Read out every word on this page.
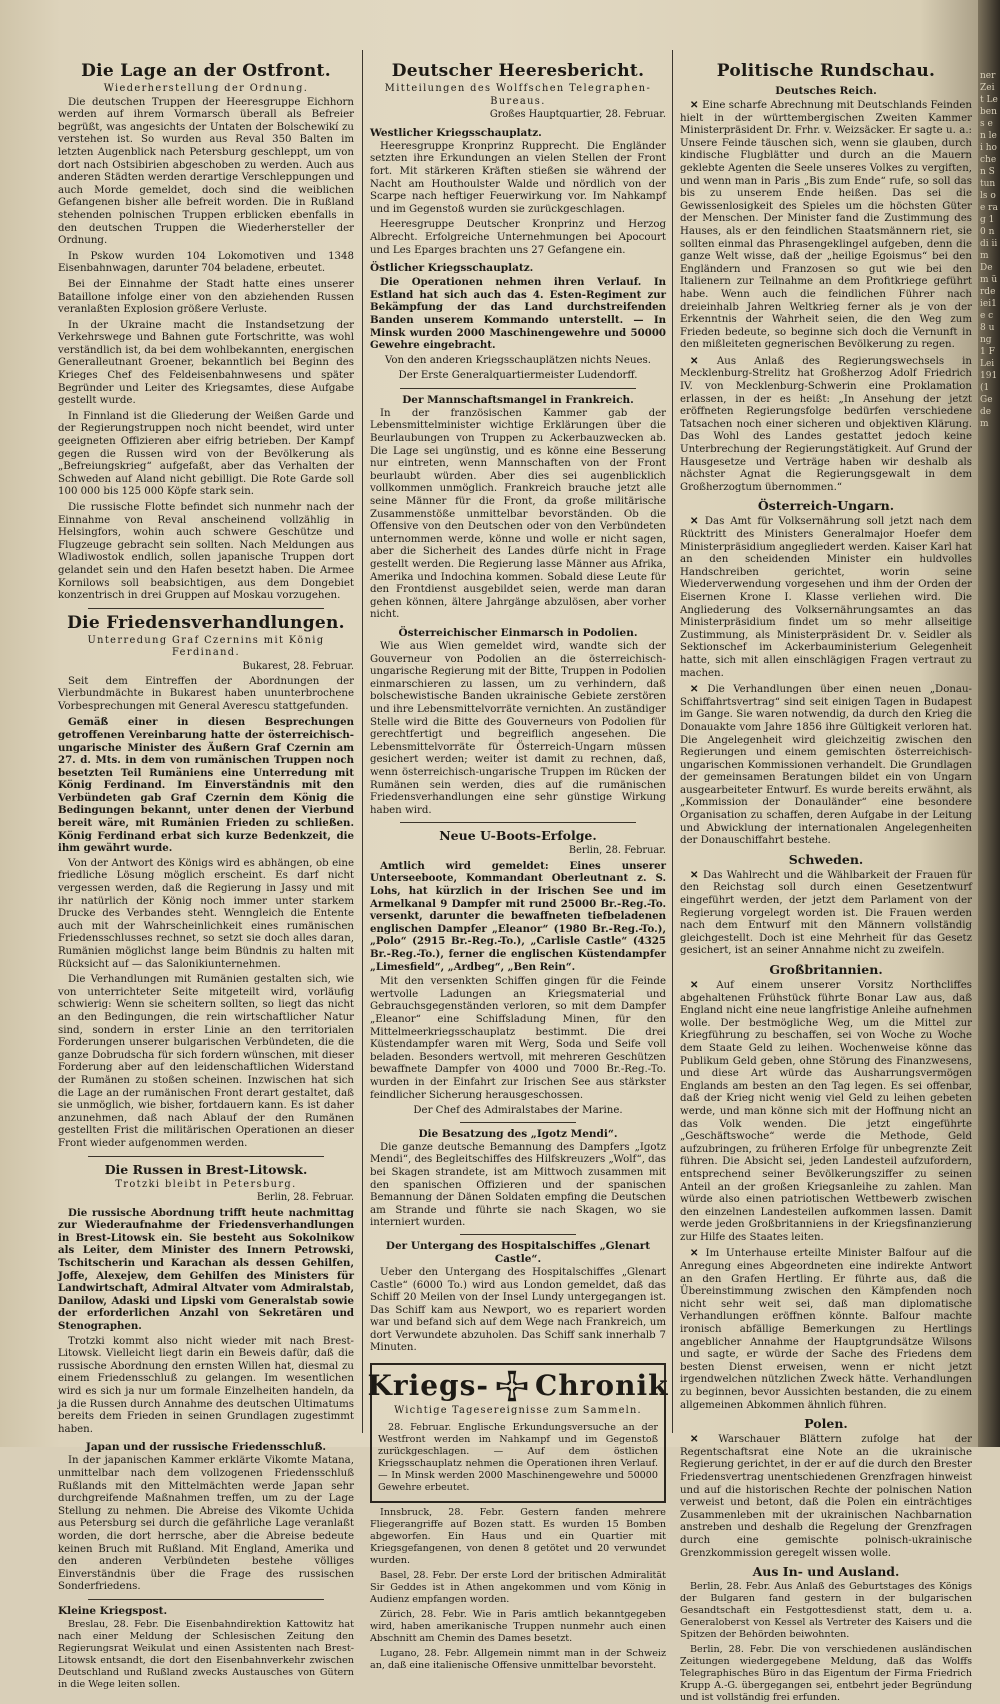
Die Lage an der Ostfront.
Wiederherstellung der Ordnung.

Die deutschen Truppen der Heeresgruppe Eichhorn werden auf ihrem Vormarsch überall als Befreier begrüßt, was angesichts der Untaten der Bolschewikí zu verstehen ist. So wurden aus Reval 350 Balten im letzten Augenblick nach Petersburg geschleppt, um von dort nach Ostsibirien abgeschoben zu werden. Auch aus anderen Städten werden derartige Verschleppungen und auch Morde gemeldet, doch sind die weiblichen Gefangenen bisher alle befreit worden. Die in Rußland stehenden polnischen Truppen erblicken ebenfalls in den deutschen Truppen die Wiederhersteller der Ordnung.

In Pskow wurden 104 Lokomotiven und 1348 Eisenbahnwagen, darunter 704 beladene, erbeutet.

Bei der Einnahme der Stadt hatte eines unserer Bataillone infolge einer von den abziehenden Russen veranlaßten Explosion größere Verluste.

In der Ukraine macht die Instandsetzung der Verkehrswege und Bahnen gute Fortschritte, was wohl verständlich ist, da bei dem wohlbekannten, energischen Generalleutnant Groener, bekanntlich bei Beginn des Krieges Chef des Feldeisenbahnwesens und später Begründer und Leiter des Kriegsamtes, diese Aufgabe gestellt wurde.

In Finnland ist die Gliederung der Weißen Garde und der Regierungstruppen noch nicht beendet, wird unter geeigneten Offizieren aber eifrig betrieben. Der Kampf gegen die Russen wird von der Bevölkerung als „Befreiungskrieg“ aufgefaßt, aber das Verhalten der Schweden auf Aland nicht gebilligt. Die Rote Garde soll 100 000 bis 125 000 Köpfe stark sein.

Die russische Flotte befindet sich nunmehr nach der Einnahme von Reval anscheinend vollzählig in Helsingfors, wohin auch schwere Geschütze und Flugzeuge gebracht sein sollten. Nach Meldungen aus Wladiwostok endlich, sollen japanische Truppen dort gelandet sein und den Hafen besetzt haben. Die Armee Kornilows soll beabsichtigen, aus dem Dongebiet konzentrisch in drei Gruppen auf Moskau vorzugehen.

Die Friedensverhandlungen.
Unterredung Graf Czernins mit König Ferdinand.
Bukarest, 28. Februar.

Seit dem Eintreffen der Abordnungen der Vierbundmächte in Bukarest haben ununterbrochene Vorbesprechungen mit General Averescu stattgefunden.

Gemäß einer in diesen Besprechungen getroffenen Vereinbarung hatte der österreichisch-ungarische Minister des Äußern Graf Czernin am 27. d. Mts. in dem von rumänischen Truppen noch besetzten Teil Rumäniens eine Unterredung mit König Ferdinand. Im Einverständnis mit den Verbündeten gab Graf Czernin dem König die Bedingungen bekannt, unter denen der Vierbund bereit wäre, mit Rumänien Frieden zu schließen. König Ferdinand erbat sich kurze Bedenkzeit, die ihm gewährt wurde.

Von der Antwort des Königs wird es abhängen, ob eine friedliche Lösung möglich erscheint. Es darf nicht vergessen werden, daß die Regierung in Jassy und mit ihr natürlich der König noch immer unter starkem Drucke des Verbandes steht. Wenngleich die Entente auch mit der Wahrscheinlichkeit eines rumänischen Friedensschlusses rechnet, so setzt sie doch alles daran, Rumänien möglichst lange beim Bündnis zu halten mit Rücksicht auf — das Salonikiunternehmen.

Die Verhandlungen mit Rumänien gestalten sich, wie von unterrichteter Seite mitgeteilt wird, vorläufig schwierig: Wenn sie scheitern sollten, so liegt das nicht an den Bedingungen, die rein wirtschaftlicher Natur sind, sondern in erster Linie an den territorialen Forderungen unserer bulgarischen Verbündeten, die die ganze Dobrudscha für sich fordern wünschen, mit dieser Forderung aber auf den leidenschaftlichen Widerstand der Rumänen zu stoßen scheinen. Inzwischen hat sich die Lage an der rumänischen Front derart gestaltet, daß sie unmöglich, wie bisher, fortdauern kann. Es ist daher anzunehmen, daß nach Ablauf der den Rumänen gestellten Frist die militärischen Operationen an dieser Front wieder aufgenommen werden.

Die Russen in Brest-Litowsk.
Trotzki bleibt in Petersburg.
Berlin, 28. Februar.

Die russische Abordnung trifft heute nachmittag zur Wiederaufnahme der Friedensverhandlungen in Brest-Litowsk ein. Sie besteht aus Sokolnikow als Leiter, dem Minister des Innern Petrowski, Tschitscherin und Karachan als dessen Gehilfen, Joffe, Alexejew, dem Gehilfen des Ministers für Landwirtschaft, Admiral Altvater vom Admiralstab, Danilow, Adaski und Lipski vom Generalstab sowie der erforderlichen Anzahl von Sekretären und Stenographen.

Trotzki kommt also nicht wieder mit nach Brest-Litowsk. Vielleicht liegt darin ein Beweis dafür, daß die russische Abordnung den ernsten Willen hat, diesmal zu einem Friedensschluß zu gelangen. Im wesentlichen wird es sich ja nur um formale Einzelheiten handeln, da ja die Russen durch Annahme des deutschen Ultimatums bereits dem Frieden in seinen Grundlagen zugestimmt haben.

Japan und der russische Friedensschluß.

In der japanischen Kammer erklärte Vikomte Matana, unmittelbar nach dem vollzogenen Friedensschluß Rußlands mit den Mittelmächten werde Japan sehr durchgreifende Maßnahmen treffen, um zu der Lage Stellung zu nehmen. Die Abreise des Vikomte Uchida aus Petersburg sei durch die gefährliche Lage veranlaßt worden, die dort herrsche, aber die Abreise bedeute keinen Bruch mit Rußland. Mit England, Amerika und den anderen Verbündeten bestehe völliges Einverständnis über die Frage des russischen Sonderfriedens.

Kleine Kriegspost.

Breslau, 28. Febr. Die Eisenbahndirektion Kattowitz hat nach einer Meldung der Schlesischen Zeitung den Regierungsrat Weikulat und einen Assistenten nach Brest-Litowsk entsandt, die dort den Eisenbahnverkehr zwischen Deutschland und Rußland zwecks Austausches von Gütern in die Wege leiten sollen.

Deutscher Heeresbericht.
Mitteilungen des Wolffschen Telegraphen-Bureaus.
Großes Hauptquartier, 28. Februar.
Westlicher Kriegsschauplatz.

Heeresgruppe Kronprinz Rupprecht. Die Engländer setzten ihre Erkundungen an vielen Stellen der Front fort. Mit stärkeren Kräften stießen sie während der Nacht am Houthoulster Walde und nördlich von der Scarpe nach heftiger Feuerwirkung vor. Im Nahkampf und im Gegenstoß wurden sie zurückgeschlagen.

Heeresgruppe Deutscher Kronprinz und Herzog Albrecht. Erfolgreiche Unternehmungen bei Apocourt und Les Eparges brachten uns 27 Gefangene ein.

Östlicher Kriegsschauplatz.

Die Operationen nehmen ihren Verlauf. In Estland hat sich auch das 4. Esten-Regiment zur Bekämpfung der das Land durchstreifenden Banden unserem Kommando unterstellt. — In Minsk wurden 2000 Maschinengewehre und 50000 Gewehre eingebracht.

Von den anderen Kriegsschauplätzen nichts Neues.

Der Erste Generalquartiermeister Ludendorff.

Der Mannschaftsmangel in Frankreich.

In der französischen Kammer gab der Lebensmittelminister wichtige Erklärungen über die Beurlaubungen von Truppen zu Ackerbauzwecken ab. Die Lage sei ungünstig, und es könne eine Besserung nur eintreten, wenn Mannschaften von der Front beurlaubt würden. Aber dies sei augenblicklich vollkommen unmöglich. Frankreich brauche jetzt alle seine Männer für die Front, da große militärische Zusammenstöße unmittelbar bevorständen. Ob die Offensive von den Deutschen oder von den Verbündeten unternommen werde, könne und wolle er nicht sagen, aber die Sicherheit des Landes dürfe nicht in Frage gestellt werden. Die Regierung lasse Männer aus Afrika, Amerika und Indochina kommen. Sobald diese Leute für den Frontdienst ausgebildet seien, werde man daran gehen können, ältere Jahrgänge abzulösen, aber vorher nicht.

Österreichischer Einmarsch in Podolien.

Wie aus Wien gemeldet wird, wandte sich der Gouverneur von Podolien an die österreichisch-ungarische Regierung mit der Bitte, Truppen in Podolien einmarschieren zu lassen, um zu verhindern, daß bolschewistische Banden ukrainische Gebiete zerstören und ihre Lebensmittelvorräte vernichten. An zuständiger Stelle wird die Bitte des Gouverneurs von Podolien für gerechtfertigt und begreiflich angesehen. Die Lebensmittelvorräte für Österreich-Ungarn müssen gesichert werden; weiter ist damit zu rechnen, daß, wenn österreichisch-ungarische Truppen im Rücken der Rumänen sein werden, dies auf die rumänischen Friedensverhandlungen eine sehr günstige Wirkung haben wird.

Neue U-Boots-Erfolge.
Berlin, 28. Februar.

Amtlich wird gemeldet: Eines unserer Unterseeboote, Kommandant Oberleutnant z. S. Lohs, hat kürzlich in der Irischen See und im Armelkanal 9 Dampfer mit rund 25000 Br.-Reg.-To. versenkt, darunter die bewaffneten tiefbeladenen englischen Dampfer „Eleanor“ (1980 Br.-Reg.-To.), „Polo“ (2915 Br.-Reg.-To.), „Carlisle Castle“ (4325 Br.-Reg.-To.), ferner die englischen Küstendampfer „Limesfield“, „Ardbeg“, „Ben Rein“.

Mit den versenkten Schiffen gingen für die Feinde wertvolle Ladungen an Kriegsmaterial und Gebrauchsgegenständen verloren, so mit dem Dampfer „Eleanor“ eine Schiffsladung Minen, für den Mittelmeerkriegsschauplatz bestimmt. Die drei Küstendampfer waren mit Werg, Soda und Seife voll beladen. Besonders wertvoll, mit mehreren Geschützen bewaffnete Dampfer von 4000 und 7000 Br.-Reg.-To. wurden in der Einfahrt zur Irischen See aus stärkster feindlicher Sicherung herausgeschossen.

Der Chef des Admiralstabes der Marine.

Die Besatzung des „Igotz Mendi“.

Die ganze deutsche Bemannung des Dampfers „Igotz Mendi“, des Begleitschiffes des Hilfskreuzers „Wolf“, das bei Skagen strandete, ist am Mittwoch zusammen mit den spanischen Offizieren und der spanischen Bemannung der Dänen Soldaten empfing die Deutschen am Strande und führte sie nach Skagen, wo sie interniert wurden.

Der Untergang des Hospitalschiffes „Glenart Castle“.

Ueber den Untergang des Hospitalschiffes „Glenart Castle“ (6000 To.) wird aus London gemeldet, daß das Schiff 20 Meilen von der Insel Lundy untergegangen ist. Das Schiff kam aus Newport, wo es repariert worden war und befand sich auf dem Wege nach Frankreich, um dort Verwundete abzuholen. Das Schiff sank innerhalb 7 Minuten.

Kriegs- Chronik
Wichtige Tagesereignisse zum Sammeln.

28. Februar. Englische Erkundungsversuche an der Westfront werden im Nahkampf und im Gegenstoß zurückgeschlagen. — Auf dem östlichen Kriegsschauplatz nehmen die Operationen ihren Verlauf. — In Minsk werden 2000 Maschinengewehre und 50000 Gewehre erbeutet.

Innsbruck, 28. Febr. Gestern fanden mehrere Fliegerangriffe auf Bozen statt. Es wurden 15 Bomben abgeworfen. Ein Haus und ein Quartier mit Kriegsgefangenen, von denen 8 getötet und 20 verwundet wurden.

Basel, 28. Febr. Der erste Lord der britischen Admiralität Sir Geddes ist in Athen angekommen und vom König in Audienz empfangen worden.

Zürich, 28. Febr. Wie in Paris amtlich bekanntgegeben wird, haben amerikanische Truppen nunmehr auch einen Abschnitt am Chemin des Dames besetzt.

Lugano, 28. Febr. Allgemein nimmt man in der Schweiz an, daß eine italienische Offensive unmittelbar bevorsteht.

Politische Rundschau.
Deutsches Reich.

✕ Eine scharfe Abrechnung mit Deutschlands Feinden hielt in der württembergischen Zweiten Kammer Ministerpräsident Dr. Frhr. v. Weizsäcker. Er sagte u. a.: Unsere Feinde täuschen sich, wenn sie glauben, durch kindische Flugblätter und durch an die Mauern geklebte Agenten die Seele unseres Volkes zu vergiften, und wenn man in Paris „Bis zum Ende“ rufe, so soll das bis zu unserem Ende heißen. Das sei die Gewissenlosigkeit des Spieles um die höchsten Güter der Menschen. Der Minister fand die Zustimmung des Hauses, als er den feindlichen Staatsmännern riet, sie sollten einmal das Phrasengeklingel aufgeben, denn die ganze Welt wisse, daß der „heilige Egoismus“ bei den Engländern und Franzosen so gut wie bei den Italienern zur Teilnahme an dem Profitkriege geführt habe. Wenn auch die feindlichen Führer nach dreieinhalb Jahren Weltkrieg ferner als je von der Erkenntnis der Wahrheit seien, die den Weg zum Frieden bedeute, so beginne sich doch die Vernunft in den mißleiteten gegnerischen Bevölkerung zu regen.

✕ Aus Anlaß des Regierungswechsels in Mecklenburg-Strelitz hat Großherzog Adolf Friedrich IV. von Mecklenburg-Schwerin eine Proklamation erlassen, in der es heißt: „In Ansehung der jetzt eröffneten Regierungsfolge bedürfen verschiedene Tatsachen noch einer sicheren und objektiven Klärung. Das Wohl des Landes gestattet jedoch keine Unterbrechung der Regierungstätigkeit. Auf Grund der Hausgesetze und Verträge haben wir deshalb als nächster Agnat die Regierungsgewalt in dem Großherzogtum übernommen.“

Österreich-Ungarn.

✕ Das Amt für Volksernährung soll jetzt nach dem Rücktritt des Ministers Generalmajor Hoefer dem Ministerpräsidium angegliedert werden. Kaiser Karl hat an den scheidenden Minister ein huldvolles Handschreiben gerichtet, worin seine Wiederverwendung vorgesehen und ihm der Orden der Eisernen Krone I. Klasse verliehen wird. Die Angliederung des Volksernährungsamtes an das Ministerpräsidium findet um so mehr allseitige Zustimmung, als Ministerpräsident Dr. v. Seidler als Sektionschef im Ackerbauministerium Gelegenheit hatte, sich mit allen einschlägigen Fragen vertraut zu machen.

✕ Die Verhandlungen über einen neuen „Donau-Schiffahrtsvertrag“ sind seit einigen Tagen in Budapest im Gange. Sie waren notwendig, da durch den Krieg die Donauakte vom Jahre 1856 ihre Gültigkeit verloren hat. Die Angelegenheit wird gleichzeitig zwischen den Regierungen und einem gemischten österreichisch-ungarischen Kommissionen verhandelt. Die Grundlagen der gemeinsamen Beratungen bildet ein von Ungarn ausgearbeiteter Entwurf. Es wurde bereits erwähnt, als „Kommission der Donauländer“ eine besondere Organisation zu schaffen, deren Aufgabe in der Leitung und Abwicklung der internationalen Angelegenheiten der Donauschiffahrt bestehe.

Schweden.

✕ Das Wahlrecht und die Wählbarkeit der Frauen für den Reichstag soll durch einen Gesetzentwurf eingeführt werden, der jetzt dem Parlament von der Regierung vorgelegt worden ist. Die Frauen werden nach dem Entwurf mit den Männern vollständig gleichgestellt. Doch ist eine Mehrheit für das Gesetz gesichert, ist an seiner Annahme nicht zu zweifeln.

Großbritannien.

✕ Auf einem unserer Vorsitz Northcliffes abgehaltenen Frühstück führte Bonar Law aus, daß England nicht eine neue langfristige Anleihe aufnehmen wolle. Der bestmögliche Weg, um die Mittel zur Kriegführung zu beschaffen, sei von Woche zu Woche dem Staate Geld zu leihen. Wochenweise könne das Publikum Geld geben, ohne Störung des Finanzwesens, und diese Art würde das Ausharrungsvermögen Englands am besten an den Tag legen. Es sei offenbar, daß der Krieg nicht wenig viel Geld zu leihen gebeten werde, und man könne sich mit der Hoffnung nicht an das Volk wenden. Die jetzt eingeführte „Geschäftswoche“ werde die Methode, Geld aufzubringen, zu früheren Erfolge für unbegrenzte Zeit führen. Die Absicht sei, jeden Landesteil aufzufordern, entsprechend seiner Bevölkerungsziffer zu seinen Anteil an der großen Kriegsanleihe zu zahlen. Man würde also einen patriotischen Wettbewerb zwischen den einzelnen Landesteilen aufkommen lassen. Damit werde jeden Großbritanniens in der Kriegsfinanzierung zur Hilfe des Staates leiten.

✕ Im Unterhause erteilte Minister Balfour auf die Anregung eines Abgeordneten eine indirekte Antwort an den Grafen Hertling. Er führte aus, daß die Übereinstimmung zwischen den Kämpfenden noch nicht sehr weit sei, daß man diplomatische Verhandlungen eröffnen könnte. Balfour machte ironisch abfällige Bemerkungen zu Hertlings angeblicher Annahme der Hauptgrundsätze Wilsons und sagte, er würde der Sache des Friedens dem besten Dienst erweisen, wenn er nicht jetzt irgendwelchen nützlichen Zweck hätte. Verhandlungen zu beginnen, bevor Aussichten bestanden, die zu einem allgemeinen Abkommen ähnlich führen.

Polen.

✕ Warschauer Blättern zufolge hat der Regentschaftsrat eine Note an die ukrainische Regierung gerichtet, in der er auf die durch den Brester Friedensvertrag unentschiedenen Grenzfragen hinweist und auf die historischen Rechte der polnischen Nation verweist und betont, daß die Polen ein einträchtiges Zusammenleben mit der ukrainischen Nachbarnation anstreben und deshalb die Regelung der Grenzfragen durch eine gemischte polnisch-ukrainische Grenzkommission geregelt wissen wolle.

Aus In- und Ausland.

Berlin, 28. Febr. Aus Anlaß des Geburtstages des Königs der Bulgaren fand gestern in der bulgarischen Gesandtschaft ein Festgottesdienst statt, dem u. a. Generaloberst von Kessel als Vertreter des Kaisers und die Spitzen der Behörden beiwohnten.

Berlin, 28. Febr. Die von verschiedenen ausländischen Zeitungen wiedergegebene Meldung, daß das Wolffs Telegraphisches Büro in das Eigentum der Firma Friedrich Krupp A.-G. übergegangen sei, entbehrt jeder Begründung und ist vollständig frei erfunden.

ner Zeit Lebens en lei ho chen Stun ls oe rag 10 ndi iim Dem ürde iei1e c8 ung 1 F Lei 191 (1 Ge dem
